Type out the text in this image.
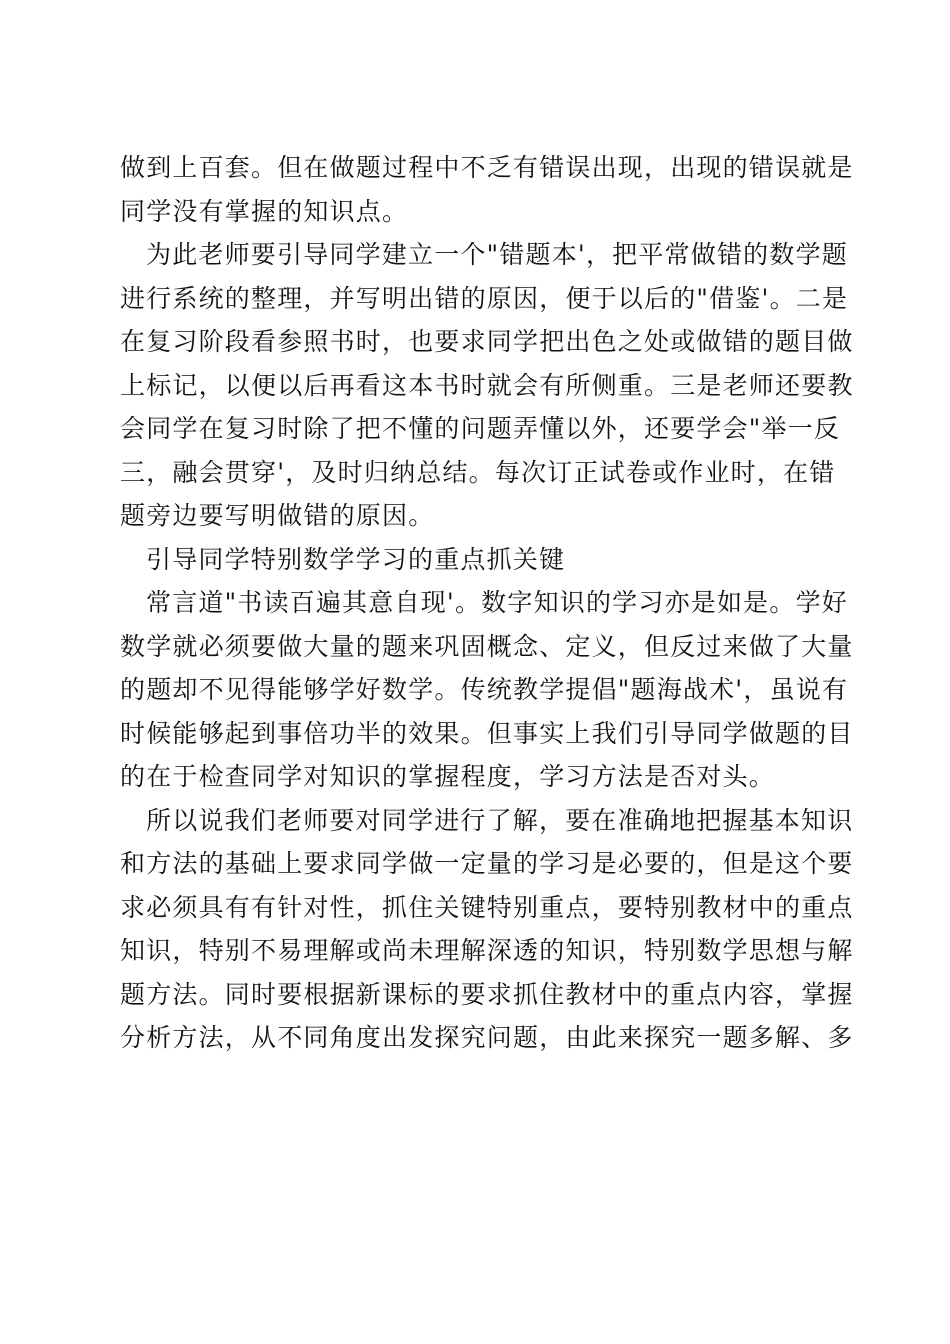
做到上百套。但在做题过程中不乏有错误出现，出现的错误就是
同学没有掌握的知识点。
为此老师要引导同学建立一个"错题本'，把平常做错的数学题
进行系统的整理，并写明出错的原因，便于以后的"借鉴'。二是
在复习阶段看参照书时，也要求同学把出色之处或做错的题目做
上标记，以便以后再看这本书时就会有所侧重。三是老师还要教
会同学在复习时除了把不懂的问题弄懂以外，还要学会"举一反
三，融会贯穿'，及时归纳总结。每次订正试卷或作业时，在错
题旁边要写明做错的原因。
引导同学特别数学学习的重点抓关键
常言道"书读百遍其意自现'。数字知识的学习亦是如是。学好
数学就必须要做大量的题来巩固概念、定义，但反过来做了大量
的题却不见得能够学好数学。传统教学提倡"题海战术'，虽说有
时候能够起到事倍功半的效果。但事实上我们引导同学做题的目
的在于检查同学对知识的掌握程度，学习方法是否对头。
所以说我们老师要对同学进行了解，要在准确地把握基本知识
和方法的基础上要求同学做一定量的学习是必要的，但是这个要
求必须具有有针对性，抓住关键特别重点，要特别教材中的重点
知识，特别不易理解或尚未理解深透的知识，特别数学思想与解
题方法。同时要根据新课标的要求抓住教材中的重点内容，掌握
分析方法，从不同角度出发探究问题，由此来探究一题多解、多
